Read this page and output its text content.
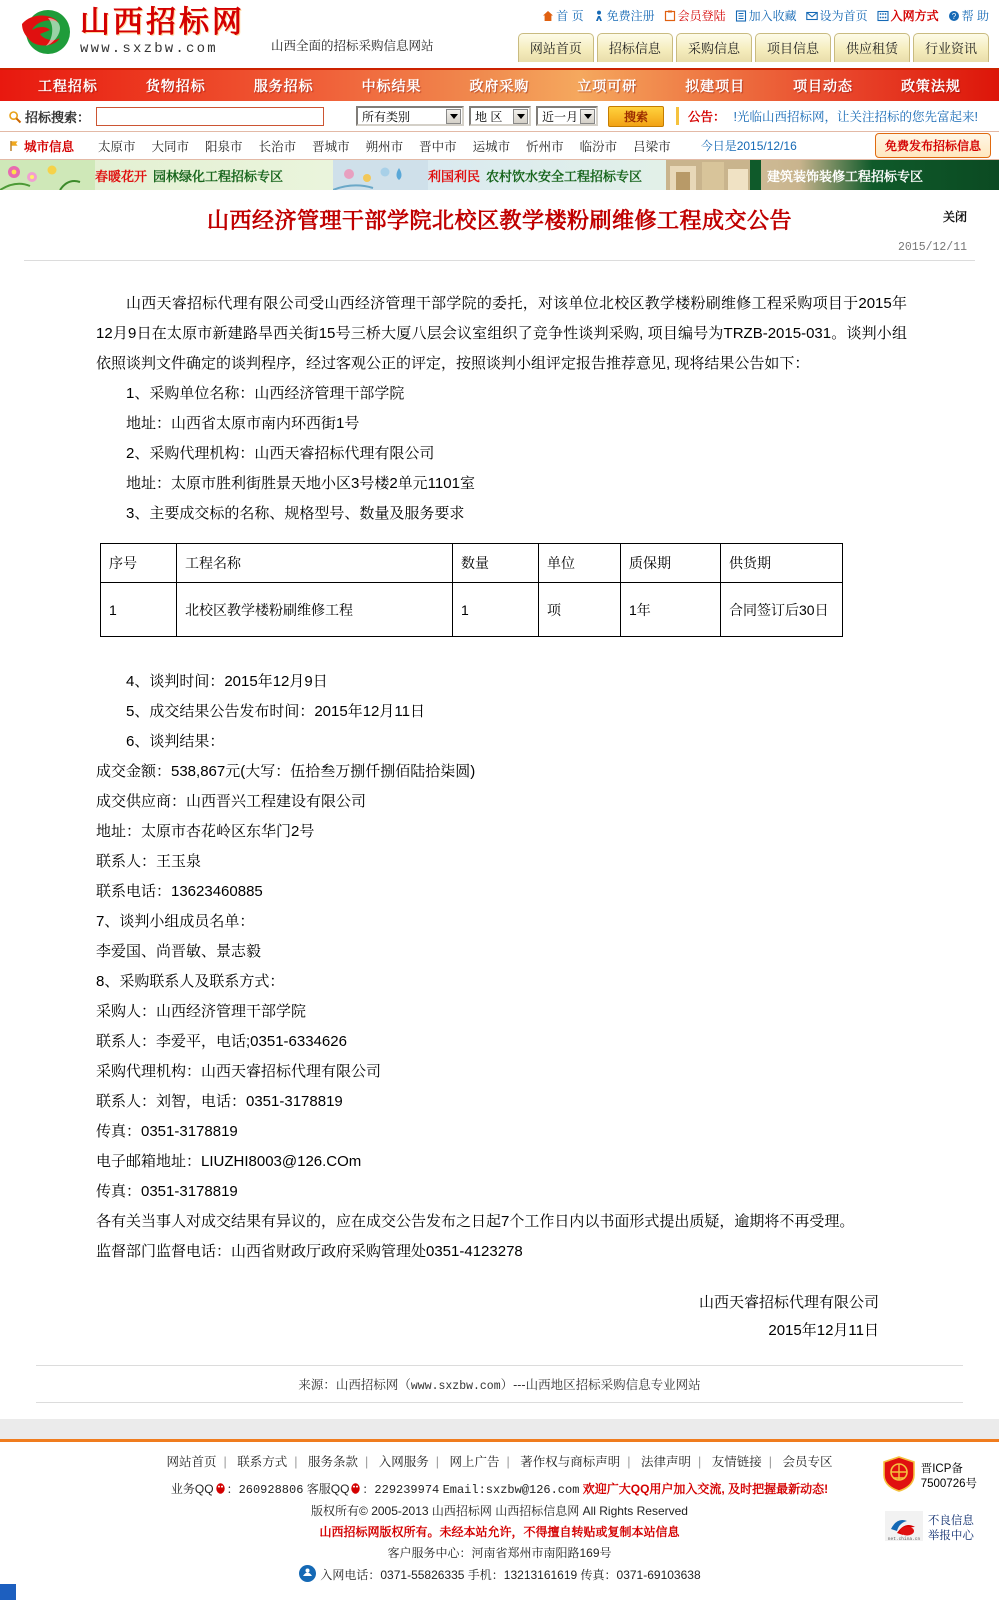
山西招标网
www.sxzbw.com	山西全面的招标采购信息网站
首 页 免费注册 会员登陆 加入收藏 设为首页 入网方式 ? 帮 助
网站首页	招标信息	采购信息	项目信息	供应租赁	行业资讯
工程招标	货物招标	服务招标	中标结果	政府采购	立项可研	拟建项目	项目动态	政策法规
招标搜索：	所有类别	地 区	近一月	搜索	公告： !光临山西招标网，让关注招标的您先富起来!
城市信息 太原市 大同市 阳泉市 长治市 晋城市 朔州市 晋中市 运城市 忻州市 临汾市 吕梁市	今日是2015/12/16	免费发布招标信息
春暖花开 园林绿化工程招标专区	利国利民 农村饮水安全工程招标专区	建筑装饰装修工程招标专区
山西经济管理干部学院北校区教学楼粉刷维修工程成交公告	关闭
2015/12/11

山西天睿招标代理有限公司受山西经济管理干部学院的委托，对该单位北校区教学楼粉刷维修工程采购项目于2015年12月9日在太原市新建路旱西关街15号三桥大厦八层会议室组织了竞争性谈判采购, 项目编号为TRZB-2015-031。谈判小组依照谈判文件确定的谈判程序，经过客观公正的评定，按照谈判小组评定报告推荐意见, 现将结果公告如下：

1、采购单位名称：山西经济管理干部学院
地址：山西省太原市南内环西街1号
2、采购代理机构：山西天睿招标代理有限公司
地址：太原市胜利街胜景天地小区3号楼2单元1101室
3、主要成交标的名称、规格型号、数量及服务要求
序号	工程名称	数量	单位	质保期	供货期
1	北校区教学楼粉刷维修工程	1	项	1年	合同签订后30日
4、谈判时间：2015年12月9日
5、成交结果公告发布时间：2015年12月11日
6、谈判结果：
成交金额：538,867元(大写：伍拾叁万捌仟捌佰陆拾柒圆)
成交供应商：山西晋兴工程建设有限公司
地址：太原市杏花岭区东华门2号
联系人：王玉泉
联系电话：13623460885
7、谈判小组成员名单：
李爱国、尚晋敏、景志毅
8、采购联系人及联系方式：
采购人：山西经济管理干部学院
联系人：李爱平，电话;0351-6334626
采购代理机构：山西天睿招标代理有限公司
联系人：刘智，电话：0351-3178819
传真：0351-3178819
电子邮箱地址：LIUZHI8003@126.COm
传真：0351-3178819
各有关当事人对成交结果有异议的，应在成交公告发布之日起7个工作日内以书面形式提出质疑，逾期将不再受理。
监督部门监督电话：山西省财政厅政府采购管理处0351-4123278
山西天睿招标代理有限公司
2015年12月11日
来源：山西招标网（www.sxzbw.com）---山西地区招标采购信息专业网站
网站首页 | 联系方式 | 服务条款 | 入网服务 | 网上广告 | 著作权与商标声明 | 法律声明 | 友情链接 | 会员专区
业务QQ ：260928806 客服QQ ：229239974 Email:sxzbw@126.com 欢迎广大QQ用户加入交流, 及时把握最新动态!
版权所有© 2005-2013 山西招标网 山西招标信息网 All Rights Reserved
山西招标网版权所有。未经本站允许，不得擅自转贴或复制本站信息
客户服务中心：河南省郑州市南阳路169号
入网电话：0371-55826335 手机：13213161619 传真：0371-69103638
晋ICP备
7500726号
net.china.cn
不良信息
举报中心
